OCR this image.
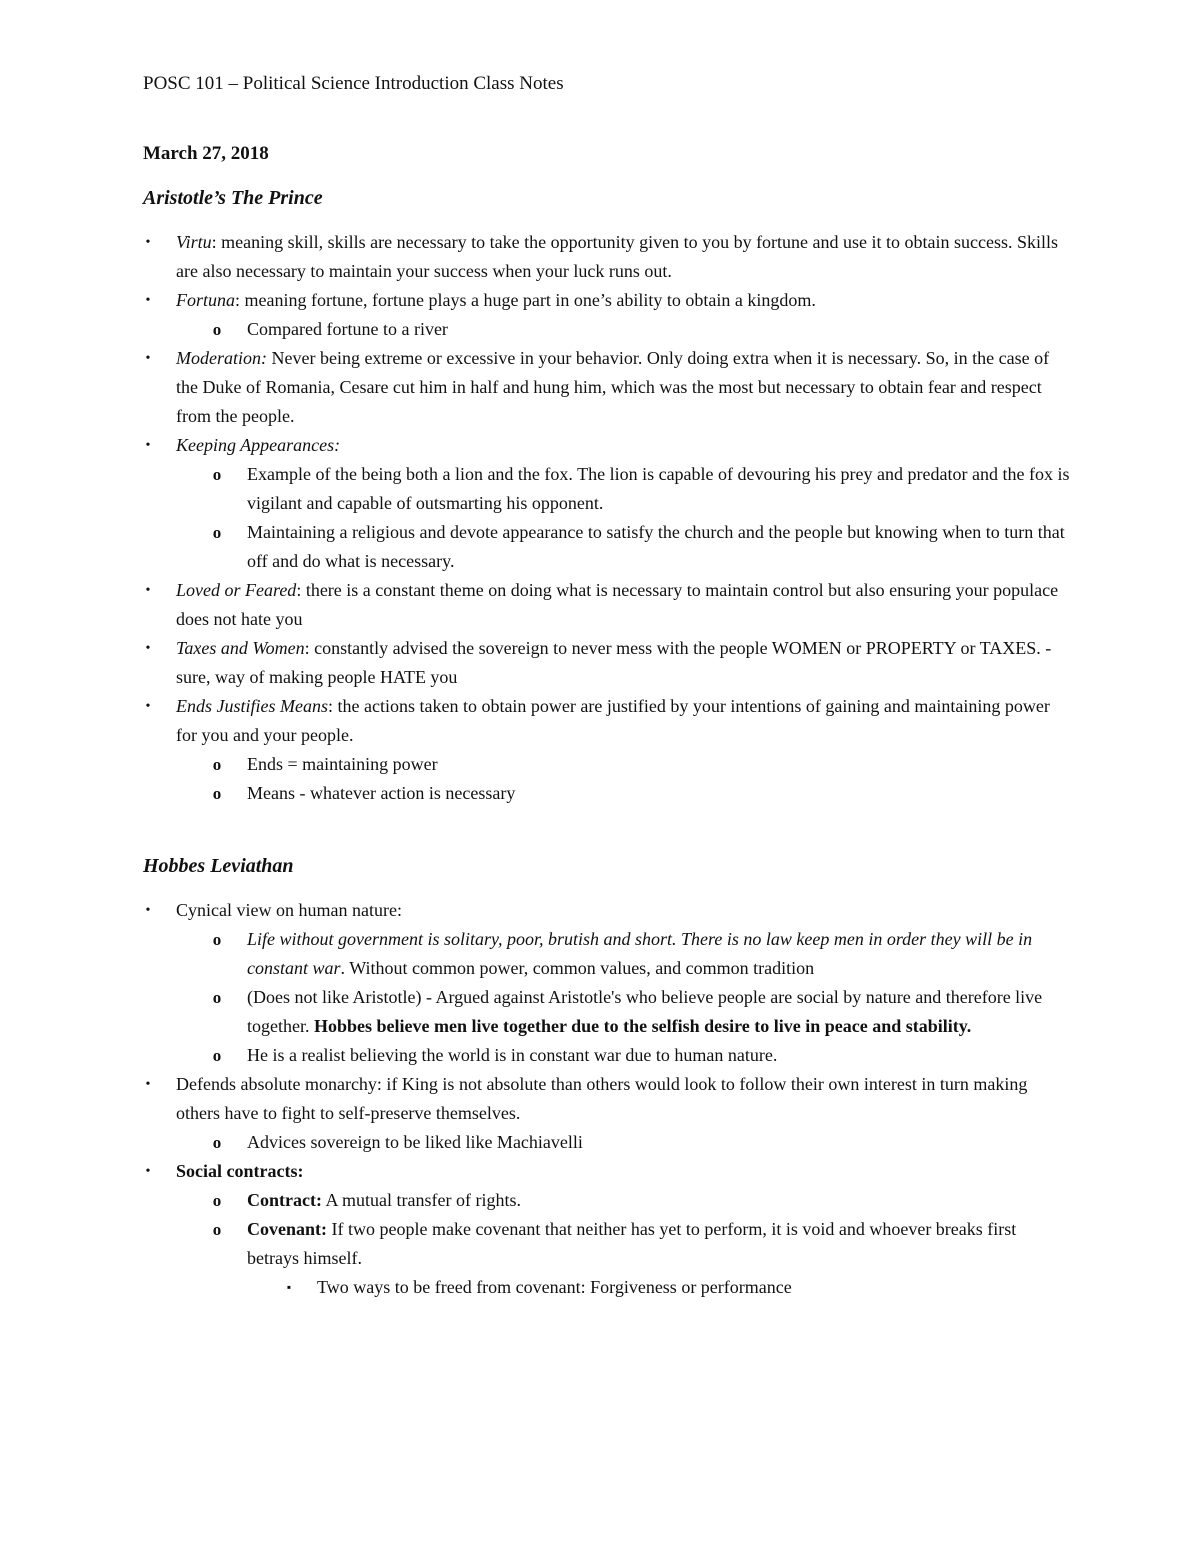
POSC 101 – Political Science Introduction Class Notes
March 27, 2018
Aristotle’s The Prince
•	Virtu: meaning skill, skills are necessary to take the opportunity given to you by fortune and use it to obtain success. Skills are also necessary to maintain your success when your luck runs out.
•	Fortuna: meaning fortune, fortune plays a huge part in one’s ability to obtain a kingdom.
o	Compared fortune to a river
•	Moderation: Never being extreme or excessive in your behavior. Only doing extra when it is necessary. So, in the case of the Duke of Romania, Cesare cut him in half and hung him, which was the most but necessary to obtain fear and respect from the people.
•	Keeping Appearances:
o	Example of the being both a lion and the fox. The lion is capable of devouring his prey and predator and the fox is vigilant and capable of outsmarting his opponent.
o	Maintaining a religious and devote appearance to satisfy the church and the people but knowing when to turn that off and do what is necessary.
•	Loved or Feared: there is a constant theme on doing what is necessary to maintain control but also ensuring your populace does not hate you
•	Taxes and Women: constantly advised the sovereign to never mess with the people WOMEN or PROPERTY or TAXES. - sure, way of making people HATE you
•	Ends Justifies Means: the actions taken to obtain power are justified by your intentions of gaining and maintaining power for you and your people.
o	Ends = maintaining power
o	Means - whatever action is necessary
Hobbes Leviathan
•	Cynical view on human nature:
o	Life without government is solitary, poor, brutish and short. There is no law keep men in order they will be in constant war. Without common power, common values, and common tradition
o	(Does not like Aristotle) - Argued against Aristotle's who believe people are social by nature and therefore live together. Hobbes believe men live together due to the selfish desire to live in peace and stability.
o	He is a realist believing the world is in constant war due to human nature.
•	Defends absolute monarchy: if King is not absolute than others would look to follow their own interest in turn making others have to fight to self-preserve themselves.
o	Advices sovereign to be liked like Machiavelli
•	Social contracts:
o	Contract: A mutual transfer of rights.
o	Covenant: If two people make covenant that neither has yet to perform, it is void and whoever breaks first betrays himself.
▪	Two ways to be freed from covenant: Forgiveness or performance
